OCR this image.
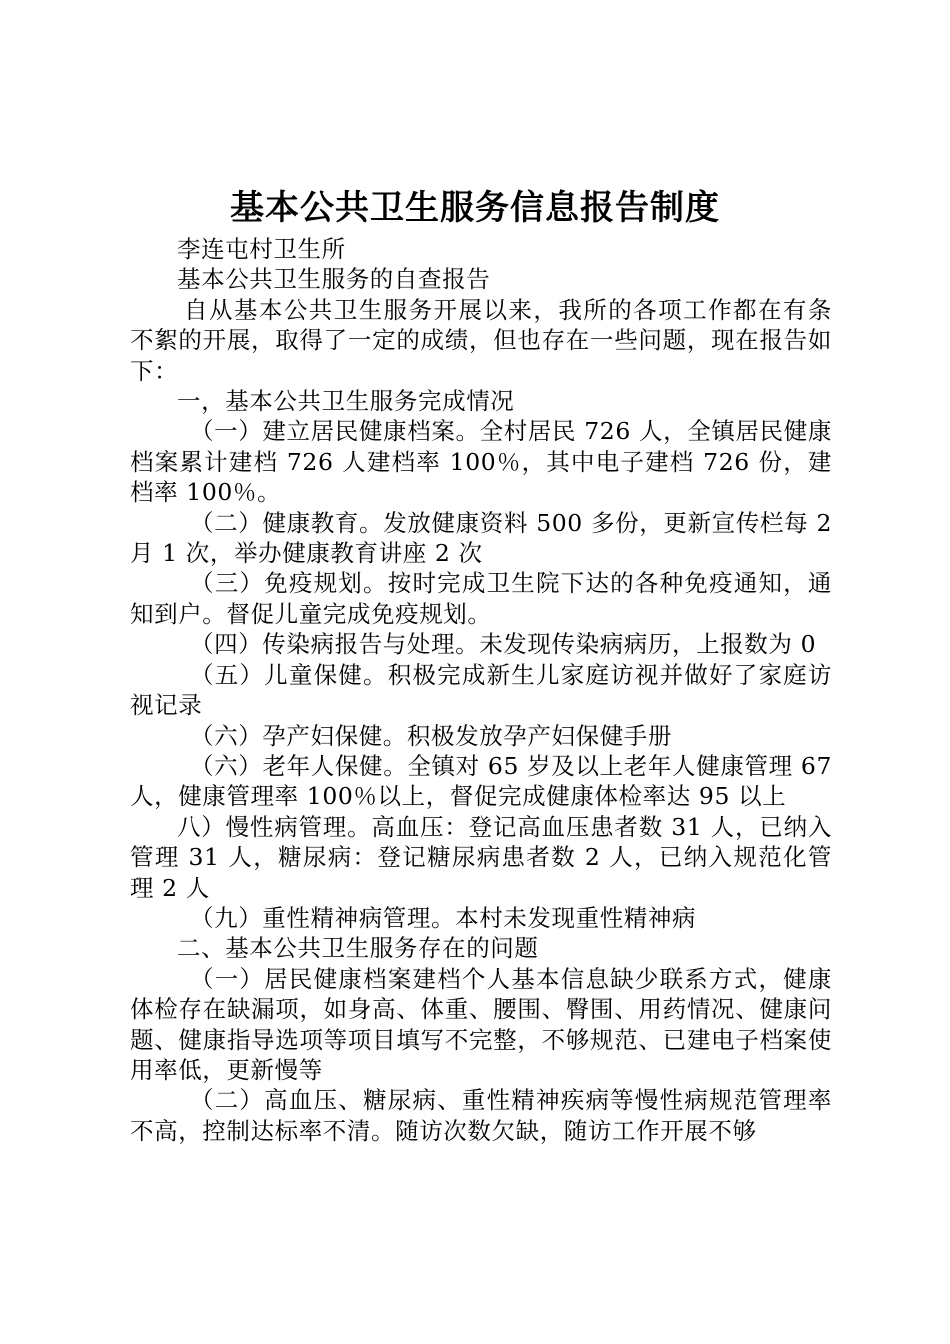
基本公共卫生服务信息报告制度

李连屯村卫生所

基本公共卫生服务的自查报告

自从基本公共卫生服务开展以来，我所的各项工作都在有条不絮的开展，取得了一定的成绩，但也存在一些问题，现在报告如下：

一，基本公共卫生服务完成情况

（一）建立居民健康档案。全村居民 726 人，全镇居民健康档案累计建档 726 人建档率 100％，其中电子建档 726 份，建档率 100％。

（二）健康教育。发放健康资料 500 多份，更新宣传栏每 2 月 1 次，举办健康教育讲座 2 次

（三）免疫规划。按时完成卫生院下达的各种免疫通知，通知到户。督促儿童完成免疫规划。

（四）传染病报告与处理。未发现传染病病历，上报数为 0

（五）儿童保健。积极完成新生儿家庭访视并做好了家庭访视记录

（六）孕产妇保健。积极发放孕产妇保健手册

（六）老年人保健。全镇对 65 岁及以上老年人健康管理 67 人，健康管理率 100％以上，督促完成健康体检率达 95 以上

八）慢性病管理。高血压：登记高血压患者数 31 人，已纳入管理 31 人，糖尿病：登记糖尿病患者数 2 人，已纳入规范化管理 2 人

（九）重性精神病管理。本村未发现重性精神病

二、基本公共卫生服务存在的问题

（一）居民健康档案建档个人基本信息缺少联系方式，健康体检存在缺漏项，如身高、体重、腰围、臀围、用药情况、健康问题、健康指导选项等项目填写不完整，不够规范、已建电子档案使用率低，更新慢等

（二）高血压、糖尿病、重性精神疾病等慢性病规范管理率不高，控制达标率不清。随访次数欠缺，随访工作开展不够
